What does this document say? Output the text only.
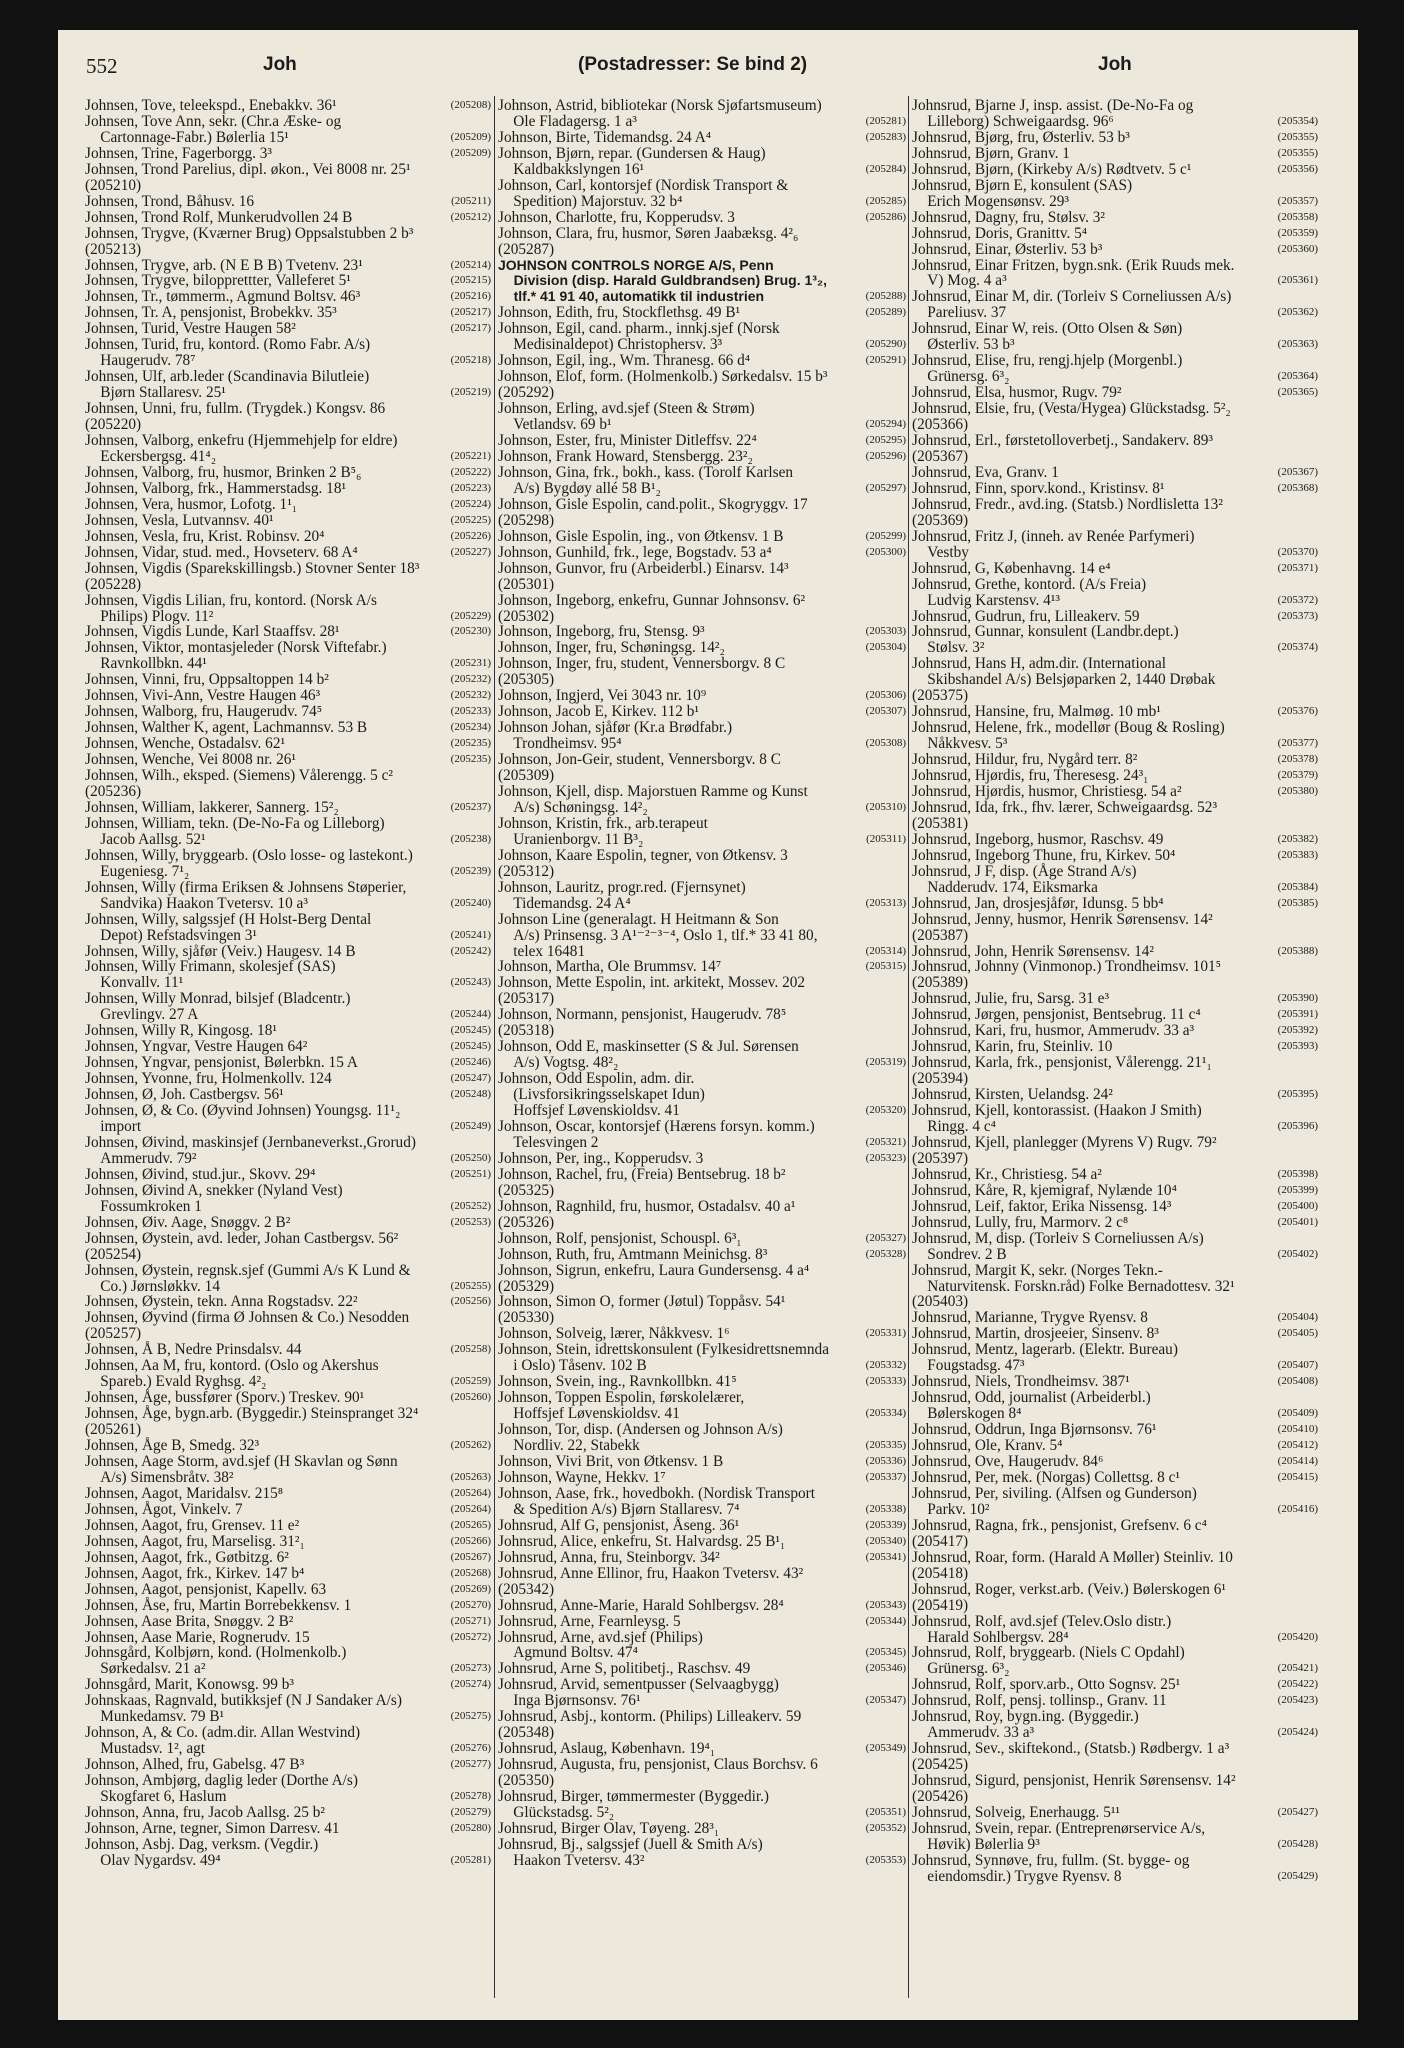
552	Joh	(Postadresser: Se bind 2)	Joh
Johnsen, Tove, teleekspd., Enebakkv. 36¹	(205208)
Johnsen, Tove Ann, sekr. (Chr.a Æske- og
Cartonnage-Fabr.) Bølerlia 15¹	(205209)
Johnsen, Trine, Fagerborgg. 3³	(205209)
Johnsen, Trond Parelius, dipl. økon., Vei 8008 nr. 25¹
(205210)
Johnsen, Trond, Båhusv. 16	(205211)
Johnsen, Trond Rolf, Munkerudvollen 24 B	(205212)
Johnsen, Trygve, (Kværner Brug) Oppsalstubben 2 b³
(205213)
Johnsen, Trygve, arb. (N E B B) Tvetenv. 23¹	(205214)
Johnsen, Trygve, bilopprettter, Valleferet 5¹	(205215)
Johnsen, Tr., tømmerm., Agmund Boltsv. 46³	(205216)
Johnsen, Tr. A, pensjonist, Brobekkv. 35³	(205217)
Johnsen, Turid, Vestre Haugen 58²	(205217)
Johnsen, Turid, fru, kontord. (Romo Fabr. A/s)
Haugerudv. 78⁷	(205218)
Johnsen, Ulf, arb.leder (Scandinavia Bilutleie)
Bjørn Stallaresv. 25¹	(205219)
Johnsen, Unni, fru, fullm. (Trygdek.) Kongsv. 86
(205220)
Johnsen, Valborg, enkefru (Hjemmehjelp for eldre)
Eckersbergsg. 41⁴₂	(205221)
Johnsen, Valborg, fru, husmor, Brinken 2 B⁵₆	(205222)
Johnsen, Valborg, frk., Hammerstadsg. 18¹	(205223)
Johnsen, Vera, husmor, Lofotg. 1¹₁	(205224)
Johnsen, Vesla, Lutvannsv. 40¹	(205225)
Johnsen, Vesla, fru, Krist. Robinsv. 20⁴	(205226)
Johnsen, Vidar, stud. med., Hovseterv. 68 A⁴	(205227)
Johnsen, Vigdis (Sparekskillingsb.) Stovner Senter 18³
(205228)
Johnsen, Vigdis Lilian, fru, kontord. (Norsk A/s
Philips) Plogv. 11²	(205229)
Johnsen, Vigdis Lunde, Karl Staaffsv. 28¹	(205230)
Johnsen, Viktor, montasjeleder (Norsk Viftefabr.)
Ravnkollbkn. 44¹	(205231)
Johnsen, Vinni, fru, Oppsaltoppen 14 b²	(205232)
Johnsen, Vivi-Ann, Vestre Haugen 46³	(205232)
Johnsen, Walborg, fru, Haugerudv. 74⁵	(205233)
Johnsen, Walther K, agent, Lachmannsv. 53 B	(205234)
Johnsen, Wenche, Ostadalsv. 62¹	(205235)
Johnsen, Wenche, Vei 8008 nr. 26¹	(205235)
Johnsen, Wilh., eksped. (Siemens) Vålerengg. 5 c²
(205236)
Johnsen, William, lakkerer, Sannerg. 15²₂	(205237)
Johnsen, William, tekn. (De-No-Fa og Lilleborg)
Jacob Aallsg. 52¹	(205238)
Johnsen, Willy, bryggearb. (Oslo losse- og lastekont.)
Eugeniesg. 7¹₂	(205239)
Johnsen, Willy (firma Eriksen & Johnsens Støperier,
Sandvika) Haakon Tvetersv. 10 a³	(205240)
Johnsen, Willy, salgssjef (H Holst-Berg Dental
Depot) Refstadsvingen 3¹	(205241)
Johnsen, Willy, sjåfør (Veiv.) Haugesv. 14 B	(205242)
Johnsen, Willy Frimann, skolesjef (SAS)
Konvallv. 11¹	(205243)
Johnsen, Willy Monrad, bilsjef (Bladcentr.)
Grevlingv. 27 A	(205244)
Johnsen, Willy R, Kingosg. 18¹	(205245)
Johnsen, Yngvar, Vestre Haugen 64²	(205245)
Johnsen, Yngvar, pensjonist, Bølerbkn. 15 A	(205246)
Johnsen, Yvonne, fru, Holmenkollv. 124	(205247)
Johnsen, Ø, Joh. Castbergsv. 56¹	(205248)
Johnsen, Ø, & Co. (Øyvind Johnsen) Youngsg. 11¹₂
import	(205249)
Johnsen, Øivind, maskinsjef (Jernbaneverkst.,Grorud)
Ammerudv. 79²	(205250)
Johnsen, Øivind, stud.jur., Skovv. 29⁴	(205251)
Johnsen, Øivind A, snekker (Nyland Vest)
Fossumkroken 1	(205252)
Johnsen, Øiv. Aage, Snøggv. 2 B²	(205253)
Johnsen, Øystein, avd. leder, Johan Castbergsv. 56²
(205254)
Johnsen, Øystein, regnsk.sjef (Gummi A/s K Lund &
Co.) Jørnsløkkv. 14	(205255)
Johnsen, Øystein, tekn. Anna Rogstadsv. 22²	(205256)
Johnsen, Øyvind (firma Ø Johnsen & Co.) Nesodden
(205257)
Johnsen, Å B, Nedre Prinsdalsv. 44	(205258)
Johnsen, Aa M, fru, kontord. (Oslo og Akershus
Spareb.) Evald Ryghsg. 4²₂	(205259)
Johnsen, Åge, bussfører (Sporv.) Treskev. 90¹	(205260)
Johnsen, Åge, bygn.arb. (Byggedir.) Steinspranget 32⁴
(205261)
Johnsen, Åge B, Smedg. 32³	(205262)
Johnsen, Aage Storm, avd.sjef (H Skavlan og Sønn
A/s) Simensbråtv. 38²	(205263)
Johnsen, Aagot, Maridalsv. 215⁸	(205264)
Johnsen, Ågot, Vinkelv. 7	(205264)
Johnsen, Aagot, fru, Grensev. 11 e²	(205265)
Johnsen, Aagot, fru, Marselisg. 31²₁	(205266)
Johnsen, Aagot, frk., Gøtbitzg. 6²	(205267)
Johnsen, Aagot, frk., Kirkev. 147 b⁴	(205268)
Johnsen, Aagot, pensjonist, Kapellv. 63	(205269)
Johnsen, Åse, fru, Martin Borrebekkensv. 1	(205270)
Johnsen, Aase Brita, Snøggv. 2 B²	(205271)
Johnsen, Aase Marie, Rognerudv. 15	(205272)
Johnsgård, Kolbjørn, kond. (Holmenkolb.)
Sørkedalsv. 21 a²	(205273)
Johnsgård, Marit, Konowsg. 99 b³	(205274)
Johnskaas, Ragnvald, butikksjef (N J Sandaker A/s)
Munkedamsv. 79 B¹	(205275)
Johnson, A, & Co. (adm.dir. Allan Westvind)
Mustadsv. 1², agt	(205276)
Johnson, Alhed, fru, Gabelsg. 47 B³	(205277)
Johnson, Ambjørg, daglig leder (Dorthe A/s)
Skogfaret 6, Haslum	(205278)
Johnson, Anna, fru, Jacob Aallsg. 25 b²	(205279)
Johnson, Arne, tegner, Simon Darresv. 41	(205280)
Johnson, Asbj. Dag, verksm. (Vegdir.)
Olav Nygardsv. 49⁴	(205281)
Johnson, Astrid, bibliotekar (Norsk Sjøfartsmuseum)
Ole Fladagersg. 1 a³	(205281)
Johnson, Birte, Tidemandsg. 24 A⁴	(205283)
Johnson, Bjørn, repar. (Gundersen & Haug)
Kaldbakkslyngen 16¹	(205284)
Johnson, Carl, kontorsjef (Nordisk Transport &
Spedition) Majorstuv. 32 b⁴	(205285)
Johnson, Charlotte, fru, Kopperudsv. 3	(205286)
Johnson, Clara, fru, husmor, Søren Jaabæksg. 4²₆
(205287)
JOHNSON CONTROLS NORGE A/S, Penn
Division (disp. Harald Guldbrandsen) Brug. 1³₂,
tlf.* 41 91 40, automatikk til industrien	(205288)
Johnson, Edith, fru, Stockflethsg. 49 B¹	(205289)
Johnson, Egil, cand. pharm., innkj.sjef (Norsk
Medisinaldepot) Christophersv. 3³	(205290)
Johnson, Egil, ing., Wm. Thranesg. 66 d⁴	(205291)
Johnson, Elof, form. (Holmenkolb.) Sørkedalsv. 15 b³
(205292)
Johnson, Erling, avd.sjef (Steen & Strøm)
Vetlandsv. 69 b¹	(205294)
Johnson, Ester, fru, Minister Ditleffsv. 22⁴	(205295)
Johnson, Frank Howard, Stensbergg. 23²₂	(205296)
Johnson, Gina, frk., bokh., kass. (Torolf Karlsen
A/s) Bygdøy allé 58 B¹₂	(205297)
Johnson, Gisle Espolin, cand.polit., Skogryggv. 17
(205298)
Johnson, Gisle Espolin, ing., von Øtkensv. 1 B	(205299)
Johnson, Gunhild, frk., lege, Bogstadv. 53 a⁴	(205300)
Johnson, Gunvor, fru (Arbeiderbl.) Einarsv. 14³
(205301)
Johnson, Ingeborg, enkefru, Gunnar Johnsonsv. 6²
(205302)
Johnson, Ingeborg, fru, Stensg. 9³	(205303)
Johnson, Inger, fru, Schøningsg. 14²₂	(205304)
Johnson, Inger, fru, student, Vennersborgv. 8 C
(205305)
Johnson, Ingjerd, Vei 3043 nr. 10⁹	(205306)
Johnson, Jacob E, Kirkev. 112 b¹	(205307)
Johnson Johan, sjåfør (Kr.a Brødfabr.)
Trondheimsv. 95⁴	(205308)
Johnson, Jon-Geir, student, Vennersborgv. 8 C
(205309)
Johnson, Kjell, disp. Majorstuen Ramme og Kunst
A/s) Schøningsg. 14²₂	(205310)
Johnson, Kristin, frk., arb.terapeut
Uranienborgv. 11 B³₂	(205311)
Johnson, Kaare Espolin, tegner, von Øtkensv. 3
(205312)
Johnson, Lauritz, progr.red. (Fjernsynet)
Tidemandsg. 24 A⁴	(205313)
Johnson Line (generalagt. H Heitmann & Son
A/s) Prinsensg. 3 A¹⁻²⁻³⁻⁴, Oslo 1, tlf.* 33 41 80,
telex 16481	(205314)
Johnson, Martha, Ole Brummsv. 14⁷	(205315)
Johnson, Mette Espolin, int. arkitekt, Mossev. 202
(205317)
Johnson, Normann, pensjonist, Haugerudv. 78⁵
(205318)
Johnson, Odd E, maskinsetter (S & Jul. Sørensen
A/s) Vogtsg. 48²₂	(205319)
Johnson, Odd Espolin, adm. dir.
(Livsforsikringsselskapet Idun)
Hoffsjef Løvenskioldsv. 41	(205320)
Johnson, Oscar, kontorsjef (Hærens forsyn. komm.)
Telesvingen 2	(205321)
Johnson, Per, ing., Kopperudsv. 3	(205323)
Johnson, Rachel, fru, (Freia) Bentsebrug. 18 b²
(205325)
Johnson, Ragnhild, fru, husmor, Ostadalsv. 40 a¹
(205326)
Johnson, Rolf, pensjonist, Schouspl. 6³₁	(205327)
Johnson, Ruth, fru, Amtmann Meinichsg. 8³	(205328)
Johnson, Sigrun, enkefru, Laura Gundersensg. 4 a⁴
(205329)
Johnson, Simon O, former (Jøtul) Toppåsv. 54¹
(205330)
Johnson, Solveig, lærer, Nåkkvesv. 1⁶	(205331)
Johnson, Stein, idrettskonsulent (Fylkesidrettsnemnda
i Oslo) Tåsenv. 102 B	(205332)
Johnson, Svein, ing., Ravnkollbkn. 41⁵	(205333)
Johnson, Toppen Espolin, førskolelærer,
Hoffsjef Løvenskioldsv. 41	(205334)
Johnson, Tor, disp. (Andersen og Johnson A/s)
Nordliv. 22, Stabekk	(205335)
Johnson, Vivi Brit, von Øtkensv. 1 B	(205336)
Johnson, Wayne, Hekkv. 1⁷	(205337)
Johnson, Aase, frk., hovedbokh. (Nordisk Transport
& Spedition A/s) Bjørn Stallaresv. 7⁴	(205338)
Johnsrud, Alf G, pensjonist, Åseng. 36¹	(205339)
Johnsrud, Alice, enkefru, St. Halvardsg. 25 B¹₁	(205340)
Johnsrud, Anna, fru, Steinborgv. 34²	(205341)
Johnsrud, Anne Ellinor, fru, Haakon Tvetersv. 43²
(205342)
Johnsrud, Anne-Marie, Harald Sohlbergsv. 28⁴	(205343)
Johnsrud, Arne, Fearnleysg. 5	(205344)
Johnsrud, Arne, avd.sjef (Philips)
Agmund Boltsv. 47⁴	(205345)
Johnsrud, Arne S, politibetj., Raschsv. 49	(205346)
Johnsrud, Arvid, sementpusser (Selvaagbygg)
Inga Bjørnsonsv. 76¹	(205347)
Johnsrud, Asbj., kontorm. (Philips) Lilleakerv. 59
(205348)
Johnsrud, Aslaug, København. 19⁴₁	(205349)
Johnsrud, Augusta, fru, pensjonist, Claus Borchsv. 6
(205350)
Johnsrud, Birger, tømmermester (Byggedir.)
Glückstadsg. 5²₂	(205351)
Johnsrud, Birger Olav, Tøyeng. 28³₁	(205352)
Johnsrud, Bj., salgssjef (Juell & Smith A/s)
Haakon Tvetersv. 43²	(205353)
Johnsrud, Bjarne J, insp. assist. (De-No-Fa og
Lilleborg) Schweigaardsg. 96⁶	(205354)
Johnsrud, Bjørg, fru, Østerliv. 53 b³	(205355)
Johnsrud, Bjørn, Granv. 1	(205355)
Johnsrud, Bjørn, (Kirkeby A/s) Rødtvetv. 5 c¹	(205356)
Johnsrud, Bjørn E, konsulent (SAS)
Erich Mogensønsv. 29³	(205357)
Johnsrud, Dagny, fru, Stølsv. 3²	(205358)
Johnsrud, Doris, Granittv. 5⁴	(205359)
Johnsrud, Einar, Østerliv. 53 b³	(205360)
Johnsrud, Einar Fritzen, bygn.snk. (Erik Ruuds mek.
V) Mog. 4 a³	(205361)
Johnsrud, Einar M, dir. (Torleiv S Corneliussen A/s)
Pareliusv. 37	(205362)
Johnsrud, Einar W, reis. (Otto Olsen & Søn)
Østerliv. 53 b³	(205363)
Johnsrud, Elise, fru, rengj.hjelp (Morgenbl.)
Grünersg. 6³₂	(205364)
Johnsrud, Elsa, husmor, Rugv. 79²	(205365)
Johnsrud, Elsie, fru, (Vesta/Hygea) Glückstadsg. 5²₂
(205366)
Johnsrud, Erl., førstetolloverbetj., Sandakerv. 89³
(205367)
Johnsrud, Eva, Granv. 1	(205367)
Johnsrud, Finn, sporv.kond., Kristinsv. 8¹	(205368)
Johnsrud, Fredr., avd.ing. (Statsb.) Nordlisletta 13²
(205369)
Johnsrud, Fritz J, (inneh. av Renée Parfymeri)
Vestby	(205370)
Johnsrud, G, Københavng. 14 e⁴	(205371)
Johnsrud, Grethe, kontord. (A/s Freia)
Ludvig Karstensv. 4¹³	(205372)
Johnsrud, Gudrun, fru, Lilleakerv. 59	(205373)
Johnsrud, Gunnar, konsulent (Landbr.dept.)
Stølsv. 3²	(205374)
Johnsrud, Hans H, adm.dir. (International
Skibshandel A/s) Belsjøparken 2, 1440 Drøbak
(205375)
Johnsrud, Hansine, fru, Malmøg. 10 mb¹	(205376)
Johnsrud, Helene, frk., modellør (Boug & Rosling)
Nåkkvesv. 5³	(205377)
Johnsrud, Hildur, fru, Nygård terr. 8²	(205378)
Johnsrud, Hjørdis, fru, Theresesg. 24³₁	(205379)
Johnsrud, Hjørdis, husmor, Christiesg. 54 a²	(205380)
Johnsrud, Ida, frk., fhv. lærer, Schweigaardsg. 52³
(205381)
Johnsrud, Ingeborg, husmor, Raschsv. 49	(205382)
Johnsrud, Ingeborg Thune, fru, Kirkev. 50⁴	(205383)
Johnsrud, J F, disp. (Åge Strand A/s)
Nadderudv. 174, Eiksmarka	(205384)
Johnsrud, Jan, drosjesjåfør, Idunsg. 5 bb⁴	(205385)
Johnsrud, Jenny, husmor, Henrik Sørensensv. 14²
(205387)
Johnsrud, John, Henrik Sørensensv. 14²	(205388)
Johnsrud, Johnny (Vinmonop.) Trondheimsv. 101⁵
(205389)
Johnsrud, Julie, fru, Sarsg. 31 e³	(205390)
Johnsrud, Jørgen, pensjonist, Bentsebrug. 11 c⁴	(205391)
Johnsrud, Kari, fru, husmor, Ammerudv. 33 a³	(205392)
Johnsrud, Karin, fru, Steinliv. 10	(205393)
Johnsrud, Karla, frk., pensjonist, Vålerengg. 21¹₁
(205394)
Johnsrud, Kirsten, Uelandsg. 24²	(205395)
Johnsrud, Kjell, kontorassist. (Haakon J Smith)
Ringg. 4 c⁴	(205396)
Johnsrud, Kjell, planlegger (Myrens V) Rugv. 79²
(205397)
Johnsrud, Kr., Christiesg. 54 a²	(205398)
Johnsrud, Kåre, R, kjemigraf, Nylænde 10⁴	(205399)
Johnsrud, Leif, faktor, Erika Nissensg. 14³	(205400)
Johnsrud, Lully, fru, Marmorv. 2 c⁸	(205401)
Johnsrud, M, disp. (Torleiv S Corneliussen A/s)
Sondrev. 2 B	(205402)
Johnsrud, Margit K, sekr. (Norges Tekn.-
Naturvitensk. Forskn.råd) Folke Bernadottesv. 32¹
(205403)
Johnsrud, Marianne, Trygve Ryensv. 8	(205404)
Johnsrud, Martin, drosjeeier, Sinsenv. 8³	(205405)
Johnsrud, Mentz, lagerarb. (Elektr. Bureau)
Fougstadsg. 47³	(205407)
Johnsrud, Niels, Trondheimsv. 387¹	(205408)
Johnsrud, Odd, journalist (Arbeiderbl.)
Bølerskogen 8⁴	(205409)
Johnsrud, Oddrun, Inga Bjørnsonsv. 76¹	(205410)
Johnsrud, Ole, Kranv. 5⁴	(205412)
Johnsrud, Ove, Haugerudv. 84⁶	(205414)
Johnsrud, Per, mek. (Norgas) Collettsg. 8 c¹	(205415)
Johnsrud, Per, siviling. (Alfsen og Gunderson)
Parkv. 10²	(205416)
Johnsrud, Ragna, frk., pensjonist, Grefsenv. 6 c⁴
(205417)
Johnsrud, Roar, form. (Harald A Møller) Steinliv. 10
(205418)
Johnsrud, Roger, verkst.arb. (Veiv.) Bølerskogen 6¹
(205419)
Johnsrud, Rolf, avd.sjef (Telev.Oslo distr.)
Harald Sohlbergsv. 28⁴	(205420)
Johnsrud, Rolf, bryggearb. (Niels C Opdahl)
Grünersg. 6³₂	(205421)
Johnsrud, Rolf, sporv.arb., Otto Sognsv. 25¹	(205422)
Johnsrud, Rolf, pensj. tollinsp., Granv. 11	(205423)
Johnsrud, Roy, bygn.ing. (Byggedir.)
Ammerudv. 33 a³	(205424)
Johnsrud, Sev., skiftekond., (Statsb.) Rødbergv. 1 a³
(205425)
Johnsrud, Sigurd, pensjonist, Henrik Sørensensv. 14²
(205426)
Johnsrud, Solveig, Enerhaugg. 5¹¹	(205427)
Johnsrud, Svein, repar. (Entreprenørservice A/s,
Høvik) Bølerlia 9³	(205428)
Johnsrud, Synnøve, fru, fullm. (St. bygge- og
eiendomsdir.) Trygve Ryensv. 8	(205429)
